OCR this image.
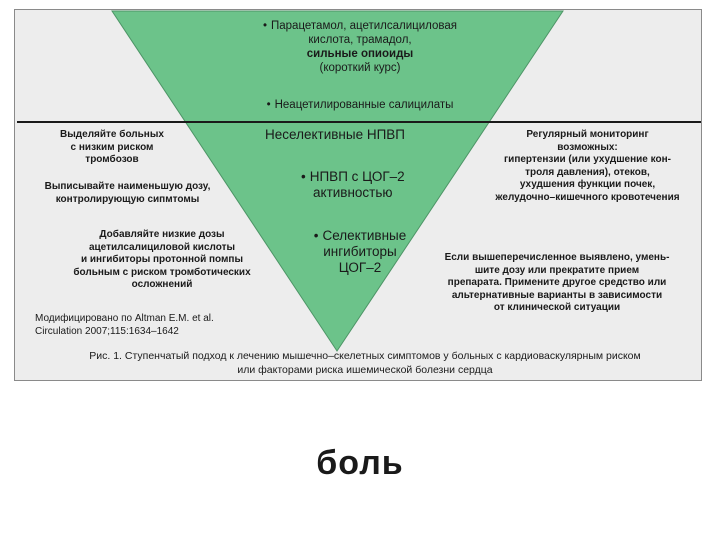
• Парацетамол, ацетилсалициловая
кислота, трамадол,
сильные опиоиды
(короткий курс)
• Неацетилированные салицилаты
Неселективные НПВП
• НПВП с ЦОГ–2
активностью
• Селективные
ингибиторы
ЦОГ–2
Выделяйте больных
с низким риском
тромбозов
Выписывайте наименьшую дозу,
контролирующую сипмтомы
Добавляйте низкие дозы
ацетилсалициловой кислоты
и ингибиторы протонной помпы
больным с риском тромботических
осложнений
Регулярный мониторинг
возможных:
гипертензии (или ухудшение кон-
троля давления), отеков,
ухудшения функции почек,
желудочно–кишечного кровотечения
Если вышеперечисленное выявлено, умень-
шите дозу или прекратите прием
препарата. Примените другое средство или
альтернативные варианты в зависимости
от клинической ситуации
Модифицировано по Altman E.M. et al.
Circulation 2007;115:1634–1642
Рис. 1. Ступенчатый подход к лечению мышечно–скелетных симптомов у больных с кардиоваскулярным риском
или факторами риска ишемической болезни сердца
боль
